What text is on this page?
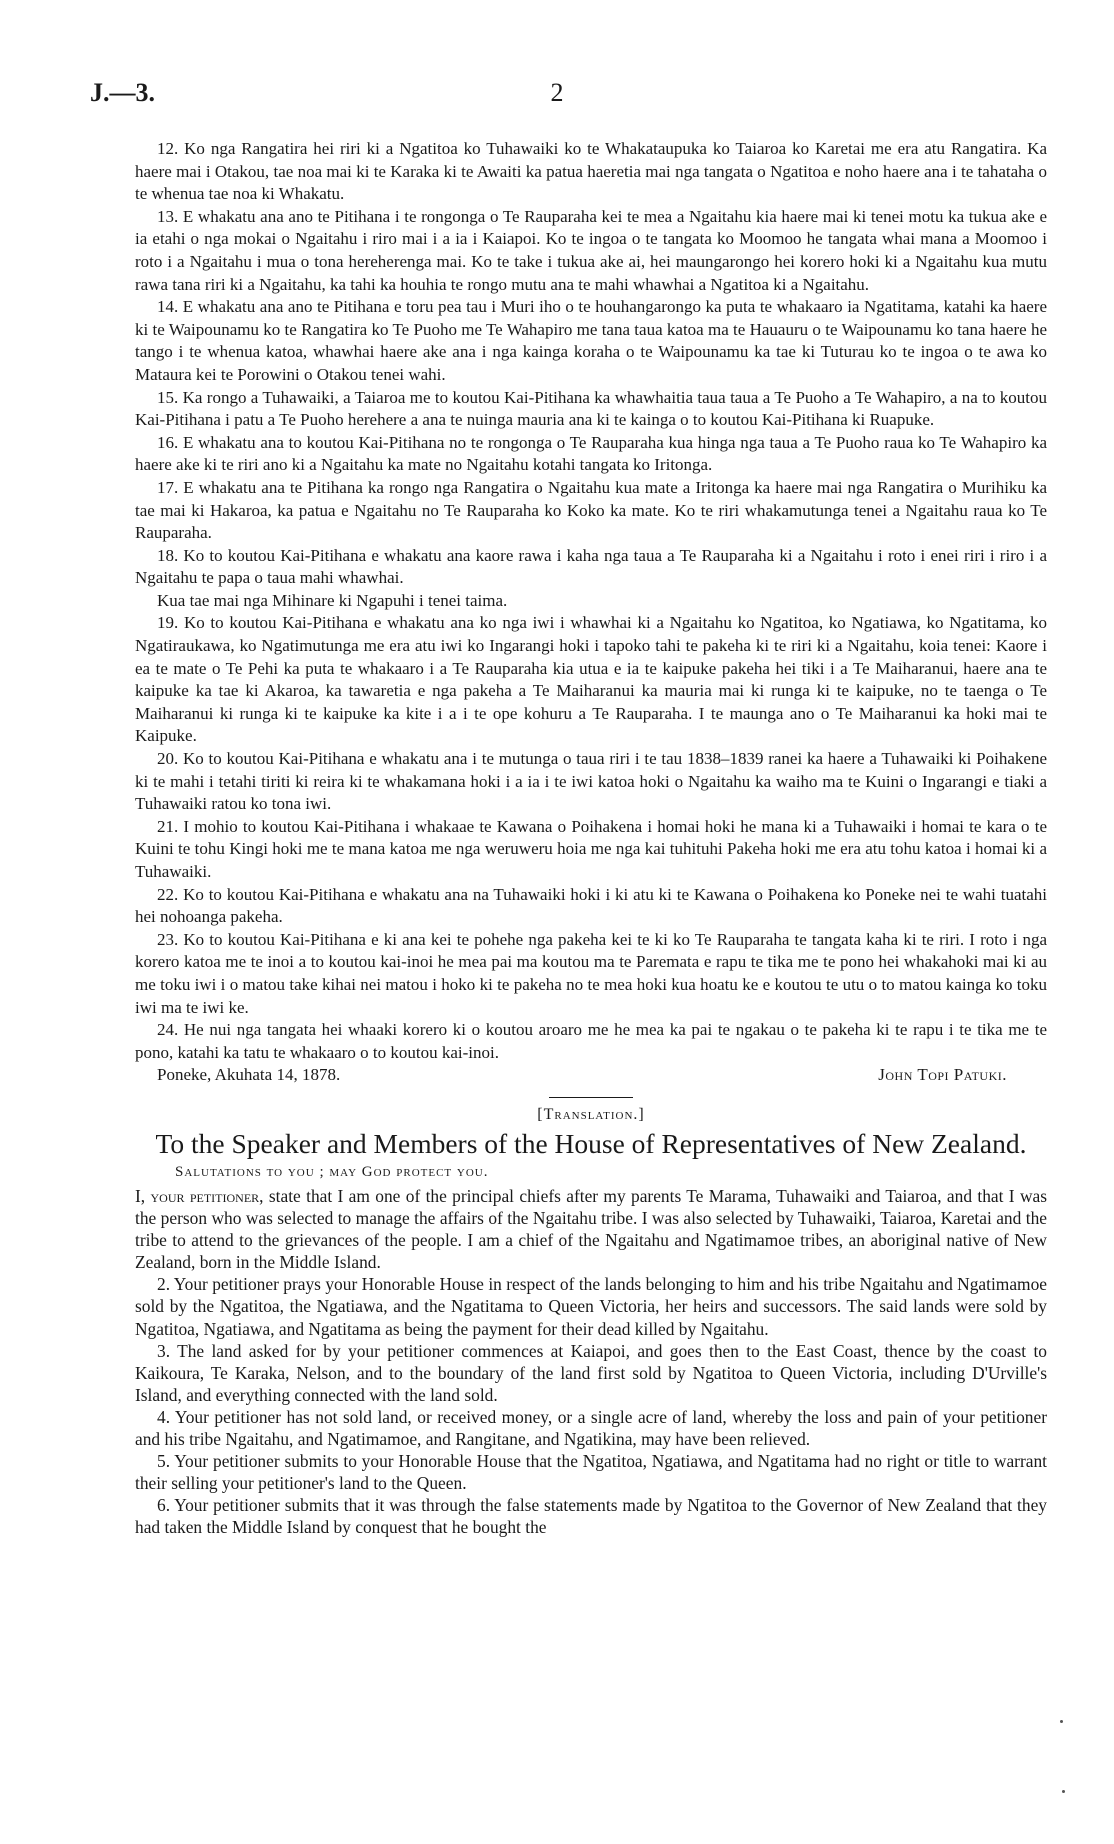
J.—3.	2

12. Ko nga Rangatira hei riri ki a Ngatitoa ko Tuhawaiki ko te Whakataupuka ko Taiaroa ko Karetai me era atu Rangatira. Ka haere mai i Otakou, tae noa mai ki te Karaka ki te Awaiti ka patua haeretia mai nga tangata o Ngatitoa e noho haere ana i te tahataha o te whenua tae noa ki Whakatu.

13. E whakatu ana ano te Pitihana i te rongonga o Te Rauparaha kei te mea a Ngaitahu kia haere mai ki tenei motu ka tukua ake e ia etahi o nga mokai o Ngaitahu i riro mai i a ia i Kaiapoi. Ko te ingoa o te tangata ko Moomoo he tangata whai mana a Moomoo i roto i a Ngaitahu i mua o tona hereherenga mai. Ko te take i tukua ake ai, hei maungarongo hei korero hoki ki a Ngaitahu kua mutu rawa tana riri ki a Ngaitahu, ka tahi ka houhia te rongo mutu ana te mahi whawhai a Ngatitoa ki a Ngaitahu.

14. E whakatu ana ano te Pitihana e toru pea tau i Muri iho o te houhangarongo ka puta te whakaaro ia Ngatitama, katahi ka haere ki te Waipounamu ko te Rangatira ko Te Puoho me Te Wahapiro me tana taua katoa ma te Hauauru o te Waipounamu ko tana haere he tango i te whenua katoa, whawhai haere ake ana i nga kainga koraha o te Waipounamu ka tae ki Tuturau ko te ingoa o te awa ko Mataura kei te Porowini o Otakou tenei wahi.

15. Ka rongo a Tuhawaiki, a Taiaroa me to koutou Kai-Pitihana ka whawhaitia taua taua a Te Puoho a Te Wahapiro, a na to koutou Kai-Pitihana i patu a Te Puoho herehere a ana te nuinga mauria ana ki te kainga o to koutou Kai-Pitihana ki Ruapuke.

16. E whakatu ana to koutou Kai-Pitihana no te rongonga o Te Rauparaha kua hinga nga taua a Te Puoho raua ko Te Wahapiro ka haere ake ki te riri ano ki a Ngaitahu ka mate no Ngaitahu kotahi tangata ko Iritonga.

17. E whakatu ana te Pitihana ka rongo nga Rangatira o Ngaitahu kua mate a Iritonga ka haere mai nga Rangatira o Murihiku ka tae mai ki Hakaroa, ka patua e Ngaitahu no Te Rauparaha ko Koko ka mate. Ko te riri whakamutunga tenei a Ngaitahu raua ko Te Rauparaha.

18. Ko to koutou Kai-Pitihana e whakatu ana kaore rawa i kaha nga taua a Te Rauparaha ki a Ngaitahu i roto i enei riri i riro i a Ngaitahu te papa o taua mahi whawhai.

Kua tae mai nga Mihinare ki Ngapuhi i tenei taima.

19. Ko to koutou Kai-Pitihana e whakatu ana ko nga iwi i whawhai ki a Ngaitahu ko Ngatitoa, ko Ngatiawa, ko Ngatitama, ko Ngatiraukawa, ko Ngatimutunga me era atu iwi ko Ingarangi hoki i tapoko tahi te pakeha ki te riri ki a Ngaitahu, koia tenei: Kaore i ea te mate o Te Pehi ka puta te whakaaro i a Te Rauparaha kia utua e ia te kaipuke pakeha hei tiki i a Te Maiharanui, haere ana te kaipuke ka tae ki Akaroa, ka tawaretia e nga pakeha a Te Maiharanui ka mauria mai ki runga ki te kaipuke, no te taenga o Te Maiharanui ki runga ki te kaipuke ka kite i a i te ope kohuru a Te Rauparaha. I te maunga ano o Te Maiharanui ka hoki mai te Kaipuke.

20. Ko to koutou Kai-Pitihana e whakatu ana i te mutunga o taua riri i te tau 1838–1839 ranei ka haere a Tuhawaiki ki Poihakene ki te mahi i tetahi tiriti ki reira ki te whakamana hoki i a ia i te iwi katoa hoki o Ngaitahu ka waiho ma te Kuini o Ingarangi e tiaki a Tuhawaiki ratou ko tona iwi.

21. I mohio to koutou Kai-Pitihana i whakaae te Kawana o Poihakena i homai hoki he mana ki a Tuhawaiki i homai te kara o te Kuini te tohu Kingi hoki me te mana katoa me nga weruweru hoia me nga kai tuhituhi Pakeha hoki me era atu tohu katoa i homai ki a Tuhawaiki.

22. Ko to koutou Kai-Pitihana e whakatu ana na Tuhawaiki hoki i ki atu ki te Kawana o Poihakena ko Poneke nei te wahi tuatahi hei nohoanga pakeha.

23. Ko to koutou Kai-Pitihana e ki ana kei te pohehe nga pakeha kei te ki ko Te Rauparaha te tangata kaha ki te riri. I roto i nga korero katoa me te inoi a to koutou kai-inoi he mea pai ma koutou ma te Paremata e rapu te tika me te pono hei whakahoki mai ki au me toku iwi i o matou take kihai nei matou i hoko ki te pakeha no te mea hoki kua hoatu ke e koutou te utu o to matou kainga ko toku iwi ma te iwi ke.

24. He nui nga tangata hei whaaki korero ki o koutou aroaro me he mea ka pai te ngakau o te pakeha ki te rapu i te tika me te pono, katahi ka tatu te whakaaro o to koutou kai-inoi.

Poneke, Akuhata 14, 1878.	John Topi Patuki.
[Translation.]
To the Speaker and Members of the House of Representatives of New Zealand.
Salutations to you ; may God protect you.

I, your petitioner, state that I am one of the principal chiefs after my parents Te Marama, Tuhawaiki and Taiaroa, and that I was the person who was selected to manage the affairs of the Ngaitahu tribe. I was also selected by Tuhawaiki, Taiaroa, Karetai and the tribe to attend to the grievances of the people. I am a chief of the Ngaitahu and Ngatimamoe tribes, an aboriginal native of New Zealand, born in the Middle Island.

2. Your petitioner prays your Honorable House in respect of the lands belonging to him and his tribe Ngaitahu and Ngatimamoe sold by the Ngatitoa, the Ngatiawa, and the Ngatitama to Queen Victoria, her heirs and successors. The said lands were sold by Ngatitoa, Ngatiawa, and Ngatitama as being the payment for their dead killed by Ngaitahu.

3. The land asked for by your petitioner commences at Kaiapoi, and goes then to the East Coast, thence by the coast to Kaikoura, Te Karaka, Nelson, and to the boundary of the land first sold by Ngatitoa to Queen Victoria, including D'Urville's Island, and everything connected with the land sold.

4. Your petitioner has not sold land, or received money, or a single acre of land, whereby the loss and pain of your petitioner and his tribe Ngaitahu, and Ngatimamoe, and Rangitane, and Ngatikina, may have been relieved.

5. Your petitioner submits to your Honorable House that the Ngatitoa, Ngatiawa, and Ngatitama had no right or title to warrant their selling your petitioner's land to the Queen.

6. Your petitioner submits that it was through the false statements made by Ngatitoa to the Governor of New Zealand that they had taken the Middle Island by conquest that he bought the
